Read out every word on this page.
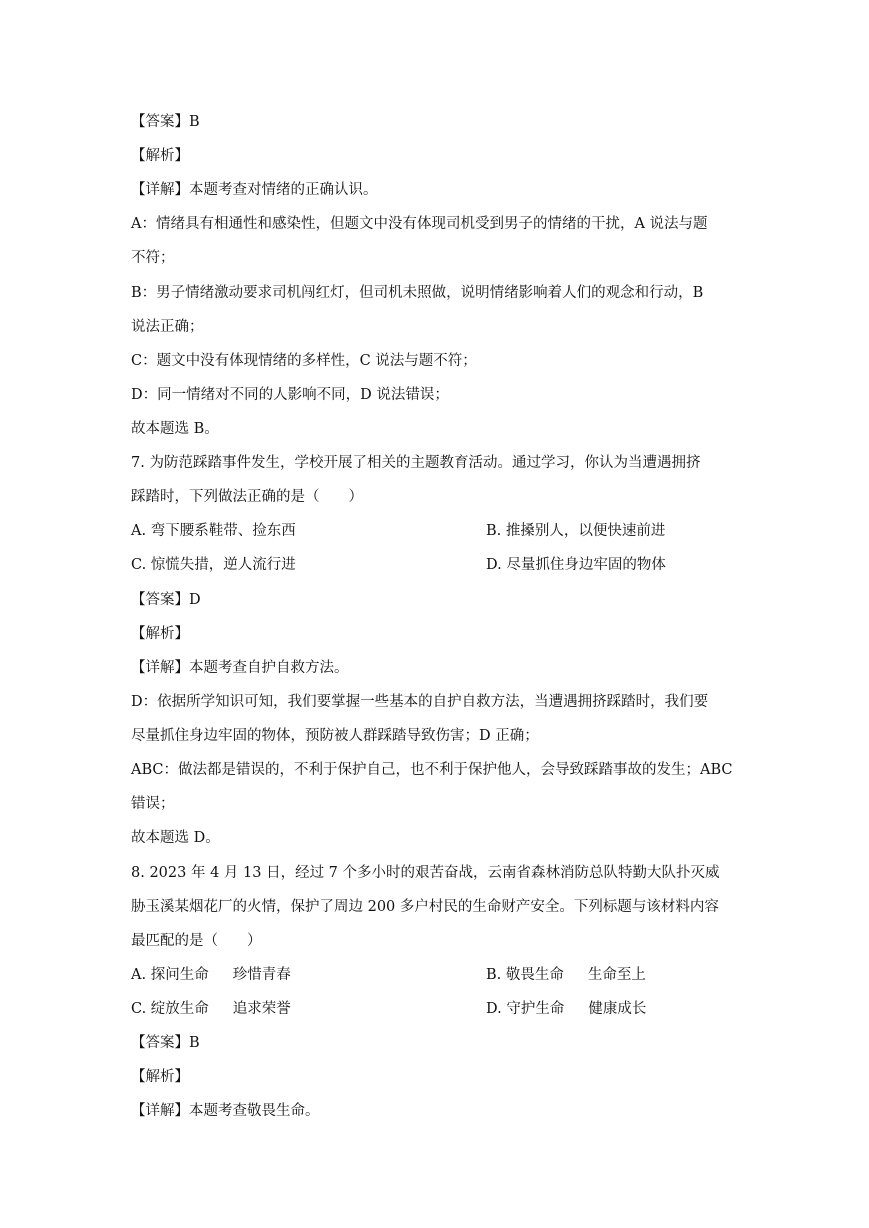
【答案】B
【解析】
【详解】本题考查对情绪的正确认识。
A：情绪具有相通性和感染性，但题文中没有体现司机受到男子的情绪的干扰，A 说法与题
不符；
B：男子情绪激动要求司机闯红灯，但司机未照做，说明情绪影响着人们的观念和行动，B
说法正确；
C：题文中没有体现情绪的多样性，C 说法与题不符；
D：同一情绪对不同的人影响不同，D 说法错误；
故本题选 B。
7. 为防范踩踏事件发生，学校开展了相关的主题教育活动。通过学习，你认为当遭遇拥挤
踩踏时，下列做法正确的是（　　）
A. 弯下腰系鞋带、捡东西	B. 推搡别人，以便快速前进
C. 惊慌失措，逆人流行进	D. 尽量抓住身边牢固的物体
【答案】D
【解析】
【详解】本题考查自护自救方法。
D：依据所学知识可知，我们要掌握一些基本的自护自救方法，当遭遇拥挤踩踏时，我们要
尽量抓住身边牢固的物体，预防被人群踩踏导致伤害；D 正确；
ABC：做法都是错误的，不利于保护自己，也不利于保护他人，会导致踩踏事故的发生；ABC
错误；
故本题选 D。
8. 2023 年 4 月 13 日，经过 7 个多小时的艰苦奋战，云南省森林消防总队特勤大队扑灭威
胁玉溪某烟花厂的火情，保护了周边 200 多户村民的生命财产安全。下列标题与该材料内容
最匹配的是（　　）
A. 探问生命 珍惜青春	B. 敬畏生命 生命至上
C. 绽放生命 追求荣誉	D. 守护生命 健康成长
【答案】B
【解析】
【详解】本题考查敬畏生命。
